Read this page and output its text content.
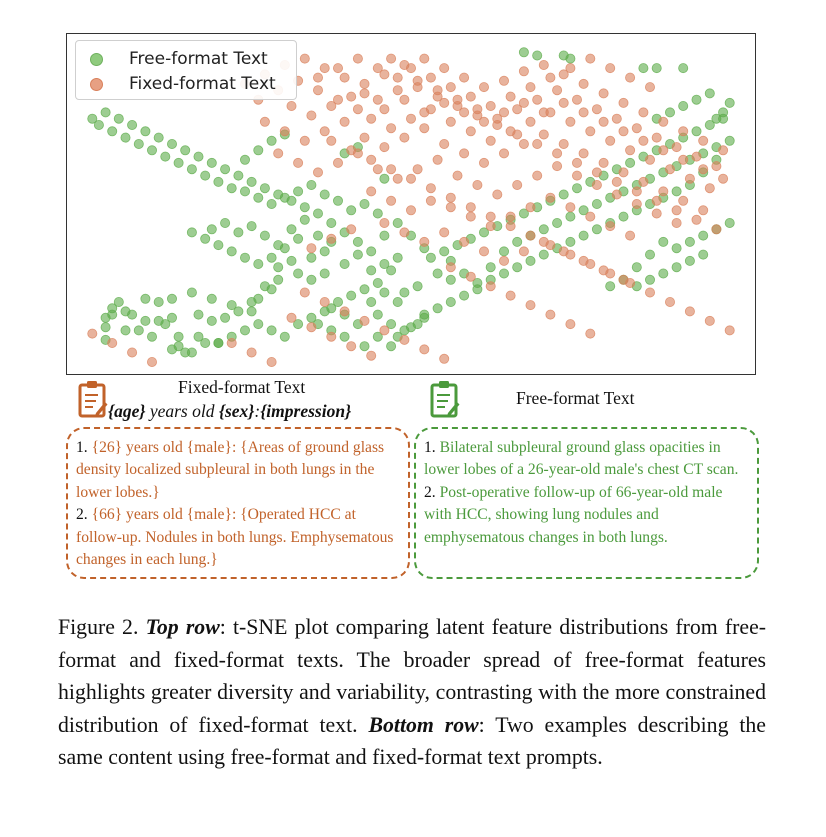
Free-format Text
Fixed-format Text
Fixed-format Text
{age} years old {sex}:{impression}
Free-format Text

1. {26} years old {male}: {Areas of ground glass density localized subpleural in both lungs in the lower lobes.}

2. {66} years old {male}: {Operated HCC at follow-up. Nodules in both lungs. Emphysematous changes in each lung.}

1. Bilateral subpleural ground glass opacities in lower lobes of a 26-year-old male's chest CT scan.

2. Post-operative follow-up of 66-year-old male with HCC, showing lung nodules and emphysematous changes in both lungs.

Figure 2. Top row: t-SNE plot comparing latent feature distributions from free-format and fixed-format texts. The broader spread of free-format features highlights greater diversity and variability, contrasting with the more constrained distribution of fixed-format text. Bottom row: Two examples describing the same content using free-format and fixed-format text prompts.
